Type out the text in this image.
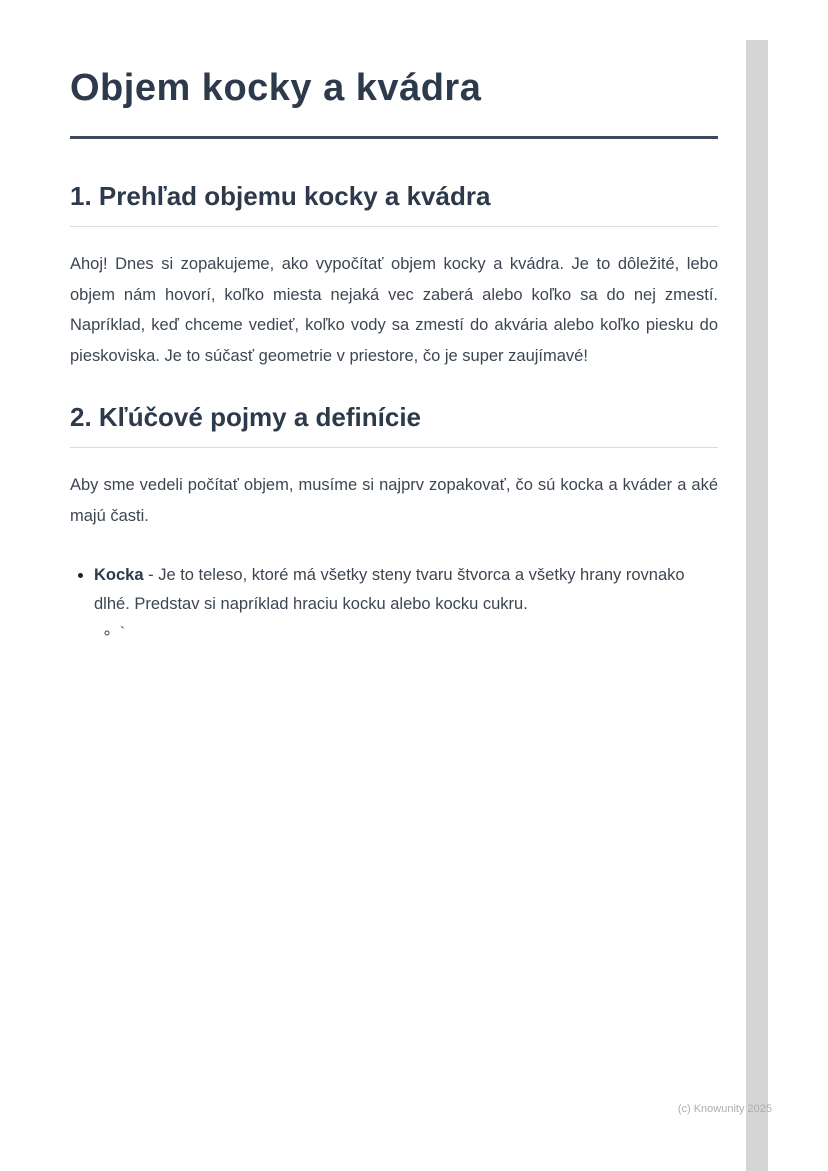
Objem kocky a kvádra
1. Prehľad objemu kocky a kvádra

Ahoj! Dnes si zopakujeme, ako vypočítať objem kocky a kvádra. Je to dôležité, lebo objem nám hovorí, koľko miesta nejaká vec zaberá alebo koľko sa do nej zmestí. Napríklad, keď chceme vedieť, koľko vody sa zmestí do akvária alebo koľko piesku do pieskoviska. Je to súčasť geometrie v priestore, čo je super zaujímavé!

2. Kľúčové pojmy a definície

Aby sme vedeli počítať objem, musíme si najprv zopakovať, čo sú kocka a kváder a aké majú časti.

• Kocka - Je to teleso, ktoré má všetky steny tvaru štvorca a všetky hrany rovnako dlhé. Predstav si napríklad hraciu kocku alebo kocku cukru.
◦ `
(c) Knowunity 2025
